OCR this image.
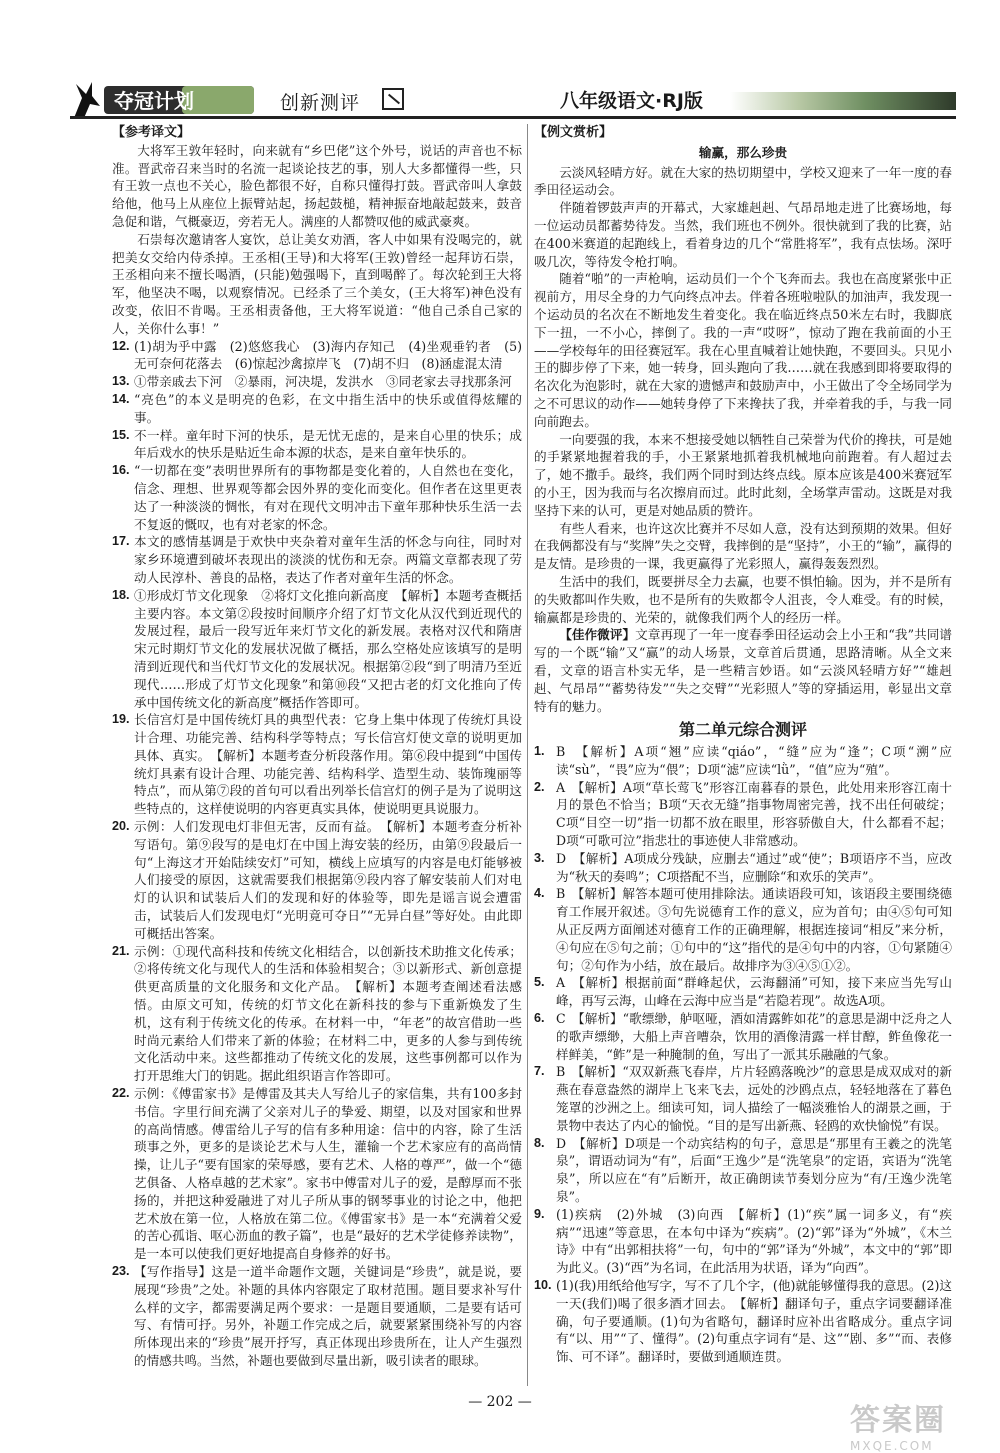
夺冠计划	创新测评	八年级语文·RJ版
【参考译文】

大将军王敦年轻时，向来就有“乡巴佬”这个外号，说话的声音也不标准。晋武帝召来当时的名流一起谈论技艺的事，别人大多都懂得一些，只有王敦一点也不关心，脸色都很不好，自称只懂得打鼓。晋武帝叫人拿鼓给他，他马上从座位上振臂站起，扬起鼓槌，精神振奋地敲起鼓来，鼓音急促和谐，气概豪迈，旁若无人。满座的人都赞叹他的威武豪爽。

石崇每次邀请客人宴饮，总让美女劝酒，客人中如果有没喝完的，就把美女交给内侍杀掉。王丞相(王导)和大将军(王敦)曾经一起拜访石崇，王丞相向来不擅长喝酒，(只能)勉强喝下，直到喝醉了。每次轮到王大将军，他坚决不喝，以观察情况。已经杀了三个美女，(王大将军)神色没有改变，依旧不肯喝。王丞相责备他，王大将军说道：“他自己杀自己家的人，关你什么事！”

12. (1)胡为乎中露　(2)悠悠我心　(3)海内存知己　(4)坐观垂钓者　(5)无可奈何花落去　(6)惊起沙禽掠岸飞　(7)胡不归　(8)涵虚混太清

13. ①带亲戚去下河　②暴雨，河决堤，发洪水　③同老家去寻找那条河

14. “亮色”的本义是明亮的色彩，在文中指生活中的快乐或值得炫耀的事。

15. 不一样。童年时下河的快乐，是无忧无虑的，是来自心里的快乐；成年后戏水的快乐是贴近生命本源的状态，是来自童年快乐的。

16. “一切都在变”表明世界所有的事物都是变化着的，人自然也在变化，信念、理想、世界观等都会因外界的变化而变化。但作者在这里更表达了一种淡淡的惆怅，有对在现代文明冲击下童年那种快乐生活一去不复返的慨叹，也有对老家的怀念。

17. 本文的感情基调是于欢快中夹杂着对童年生活的怀念与向往，同时对家乡环境遭到破坏表现出的淡淡的忧伤和无奈。两篇文章都表现了劳动人民淳朴、善良的品格，表达了作者对童年生活的怀念。

18. ①形成灯节文化现象　②将灯文化推向新高度　【解析】本题考查概括主要内容。本文第②段按时间顺序介绍了灯节文化从汉代到近现代的发展过程，最后一段写近年来灯节文化的新发展。表格对汉代和隋唐宋元时期灯节文化的发展状况做了概括，那么空格处应该填写的是明清到近现代和当代灯节文化的发展状况。根据第②段“到了明清乃至近现代……形成了灯节文化现象”和第⑩段“又把古老的灯文化推向了传承中国传统文化的新高度”概括作答即可。

19. 长信宫灯是中国传统灯具的典型代表：它身上集中体现了传统灯具设计合理、功能完善、结构科学等特点；写长信宫灯使文章的说明更加具体、真实。　【解析】本题考查分析段落作用。第⑥段中提到“中国传统灯具素有设计合理、功能完善、结构科学、造型生动、装饰瑰丽等特点”，而从第⑦段的首句可以看出列举长信宫灯的例子是为了说明这些特点的，这样使说明的内容更真实具体，使说明更具说服力。

20. 示例：人们发现电灯非但无害，反而有益。　【解析】本题考查分析补写语句。第⑨段写的是电灯在中国上海安装的经历，由第⑨段最后一句“上海这才开始陆续安灯”可知，横线上应填写的内容是电灯能够被人们接受的原因，这就需要我们根据第⑨段内容了解安装前人们对电灯的认识和试装后人们的发现和好的体验等，即先是谣言说会遭雷击，试装后人们发现电灯“光明竟可夺日”“无异白昼”等好处。由此即可概括出答案。

21. 示例：①现代高科技和传统文化相结合，以创新技术助推文化传承；②将传统文化与现代人的生活和体验相契合；③以新形式、新创意提供更高质量的文化服务和文化产品。　【解析】本题考查阐述看法感悟。由原文可知，传统的灯节文化在新科技的参与下重新焕发了生机，这有利于传统文化的传承。在材料一中，“年老”的故宫借助一些时尚元素给人们带来了新的体验；在材料二中，更多的人参与到传统文化活动中来。这些都推动了传统文化的发展，这些事例都可以作为打开思维大门的钥匙。据此组织语言作答即可。

22. 示例：《傅雷家书》是傅雷及其夫人写给儿子的家信集，共有100多封书信。字里行间充满了父亲对儿子的挚爱、期望，以及对国家和世界的高尚情感。傅雷给儿子写的信有多种用途：信中的内容，除了生活琐事之外，更多的是谈论艺术与人生，灌输一个艺术家应有的高尚情操，让儿子“要有国家的荣辱感，要有艺术、人格的尊严”，做一个“德艺俱备、人格卓越的艺术家”。家书中傅雷对儿子的爱，是醇厚而不张扬的，并把这种爱融进了对儿子所从事的钢琴事业的讨论之中，他把艺术放在第一位，人格放在第二位。《傅雷家书》是一本“充满着父爱的苦心孤诣、呕心沥血的教子篇”，也是“最好的艺术学徒修养读物”，是一本可以使我们更好地提高自身修养的好书。

23. 【写作指导】这是一道半命题作文题，关键词是“珍贵”，就是说，要展现“珍贵”之处。补题的具体内容限定了取材范围。题目要求补写什么样的文字，都需要满足两个要求：一是题目要通顺，二是要有话可写、有情可抒。另外，补题工作完成之后，就要紧紧围绕补写的内容所体现出来的“珍贵”展开抒写，真正体现出珍贵所在，让人产生强烈的情感共鸣。当然，补题也要做到尽量出新，吸引读者的眼球。

【例文赏析】
输赢，那么珍贵

云淡风轻晴方好。就在大家的热切期望中，学校又迎来了一年一度的春季田径运动会。

伴随着锣鼓声声的开幕式，大家雄赳赳、气昂昂地走进了比赛场地，每一位运动员都蓄势待发。当然，我们班也不例外。很快就到了我的比赛，站在400米赛道的起跑线上，看着身边的几个“常胜将军”，我有点怯场。深吁吸几次，等待发令枪打响。

随着“啪”的一声枪响，运动员们一个个飞奔而去。我也在高度紧张中正视前方，用尽全身的力气向终点冲去。伴着各班啦啦队的加油声，我发现一个运动员的名次在不断地发生着变化。我在临近终点50米左右时，我脚底下一扭，一不小心，摔倒了。我的一声“哎呀”，惊动了跑在我前面的小王——学校每年的田径赛冠军。我在心里直喊着让她快跑，不要回头。只见小王的脚步停了下来，她一转身，回头跑向了我……就在我感到即将要取得的名次化为泡影时，就在大家的遗憾声和鼓励声中，小王做出了令全场同学为之不可思议的动作——她转身停了下来搀扶了我，并牵着我的手，与我一同向前跑去。

一向要强的我，本来不想接受她以牺牲自己荣誉为代价的搀扶，可是她的手紧紧地握着我的手，小王紧紧地抓着我机械地向前跑着。有人超过去了，她不撒手。最终，我们两个同时到达终点线。原本应该是400米赛冠军的小王，因为我而与名次擦肩而过。此时此刻，全场掌声雷动。这既是对我坚持下来的认可，更是对她品质的赞许。

有些人看来，也许这次比赛并不尽如人意，没有达到预期的效果。但好在我俩都没有与“奖牌”失之交臂，我摔倒的是“坚持”，小王的“输”，赢得的是友情。是珍贵的一课，我更赢得了光彩照人，赢得轰轰烈烈。

生活中的我们，既要拼尽全力去赢，也要不惧怕输。因为，并不是所有的失败都叫作失败，也不是所有的失败都令人沮丧，令人难受。有的时候，输赢都是珍贵的、光荣的，就像我们两个人的经历一样。

【佳作微评】文章再现了一年一度春季田径运动会上小王和“我”共同谱写的一个既“输”又“赢”的动人场景，文章首后贯通，思路清晰。从全文来看，文章的语言朴实无华，是一些精言妙语。如“云淡风轻晴方好”“雄赳赳、气昂昂”“蓄势待发”“失之交臂”“光彩照人”等的穿插运用，彰显出文章特有的魅力。

第二单元综合测评

1. B　【解析】A项“翘”应读“qiáo”，“缝”应为“逢”；C项“溯”应读“sù”，“畏”应为“偎”；D项“滤”应读“lǜ”，“值”应为“殖”。

2. A　【解析】A项“草长莺飞”形容江南暮春的景色，此处用来形容江南十月的景色不恰当；B项“天衣无缝”指事物周密完善，找不出任何破绽；C项“目空一切”指一切都不放在眼里，形容骄傲自大，什么都看不起；D项“可歌可泣”指悲壮的事迹使人非常感动。

3. D　【解析】A项成分残缺，应删去“通过”或“使”；B项语序不当，应改为“秋天的奏鸣”；C项搭配不当，应删除“和欢乐的笑声”。

4. B　【解析】解答本题可使用排除法。通读语段可知，该语段主要围绕德育工作展开叙述。③句先说德育工作的意义，应为首句；由④⑤句可知从正反两方面阐述对德育工作的正确理解，根据连接词“相反”来分析，④句应在⑤句之前；①句中的“这”指代的是④句中的内容，①句紧随④句；②句作为小结，放在最后。故排序为③④⑤①②。

5. A　【解析】根据前面“群峰起伏，云海翻涌”可知，接下来应当先写山峰，再写云海，山峰在云海中应当是“若隐若现”。故选A项。

6. C　【解析】“歌缥缈，舻呕哑，酒如清露鲊如花”的意思是湖中泛舟之人的歌声缥缈，大船上声音嘈杂，饮用的酒像清露一样甘醇，鲊鱼像花一样鲜美，“鲊”是一种腌制的鱼，写出了一派其乐融融的气象。

7. B　【解析】“双双新燕飞春岸，片片轻鸥落晚沙”的意思是成双成对的新燕在春意盎然的湖岸上飞来飞去，远处的沙鸥点点，轻轻地落在了暮色笼罩的沙洲之上。细读可知，词人描绘了一幅淡雅怡人的湖景之画，于景物中表达了内心的愉悦。“目的是写出新燕、轻鸥的欢快愉悦”有误。

8. D　【解析】D项是一个动宾结构的句子，意思是“那里有王羲之的洗笔泉”，谓语动词为“有”，后面“王逸少”是“洗笔泉”的定语，宾语为“洗笔泉”，所以应在“有”后断开，故正确朗读节奏划分应为“有/王逸少洗笔泉”。

9. (1)疾病　(2)外城　(3)向西　【解析】(1)“疾”属一词多义，有“疾病”“迅速”等意思，在本句中译为“疾病”。(2)“郭”译为“外城”，《木兰诗》中有“出郭相扶将”一句，句中的“郭”译为“外城”，本文中的“郭”即为此义。(3)“西”为名词，在此活用为状语，译为“向西”。

10. (1)(我)用纸给他写字，写不了几个字，(他)就能够懂得我的意思。(2)这一天(我们)喝了很多酒才回去。　【解析】翻译句子，重点字词要翻译准确，句子要通顺。(1)句为省略句，翻译时应补出省略成分。重点字词有“以、用”“了、懂得”。(2)句重点字词有“是、这”“剧、多”“而、表修饰、可不译”。翻译时，要做到通顺连贯。

— 202 —
答案圈
MXQE.COM
